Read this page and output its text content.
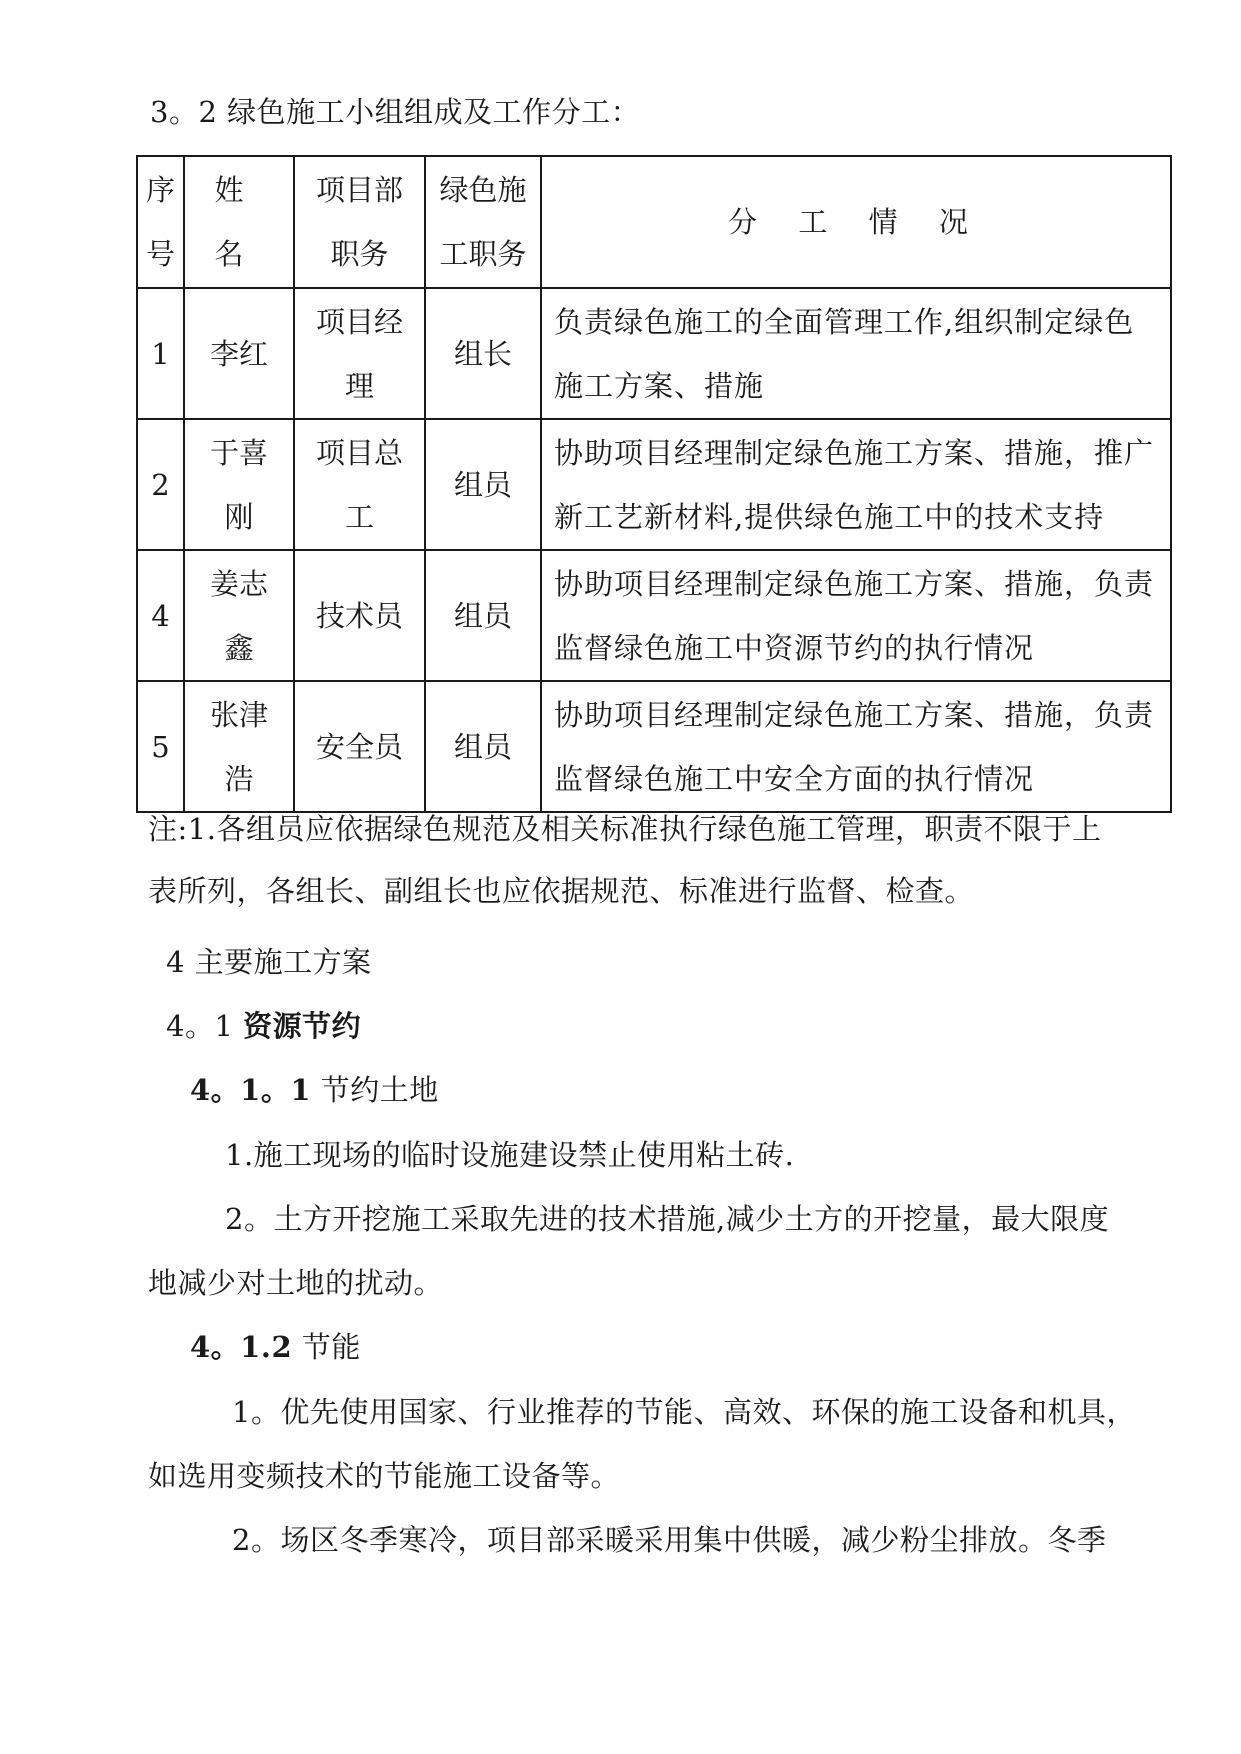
3。2 绿色施工小组组成及工作分工：
序号	姓 名	项目部职务	绿色施工职务	分 工 情 况
1	李红	项目经理	组长	负责绿色施工的全面管理工作,组织制定绿色施工方案、措施
2	于喜刚	项目总工	组员	协助项目经理制定绿色施工方案、措施，推广新工艺新材料,提供绿色施工中的技术支持
4	姜志鑫	技术员	组员	协助项目经理制定绿色施工方案、措施，负责监督绿色施工中资源节约的执行情况
5	张津浩	安全员	组员	协助项目经理制定绿色施工方案、措施，负责监督绿色施工中安全方面的执行情况
注:1.各组员应依据绿色规范及相关标准执行绿色施工管理，职责不限于上
表所列，各组长、副组长也应依据规范、标准进行监督、检查。
4 主要施工方案
4。1 资源节约
4。1。1 节约土地
1.施工现场的临时设施建设禁止使用粘土砖.
2。土方开挖施工采取先进的技术措施,减少土方的开挖量，最大限度
地减少对土地的扰动。
4。1.2 节能
1。优先使用国家、行业推荐的节能、高效、环保的施工设备和机具，
如选用变频技术的节能施工设备等。
2。场区冬季寒冷，项目部采暖采用集中供暖，减少粉尘排放。冬季
